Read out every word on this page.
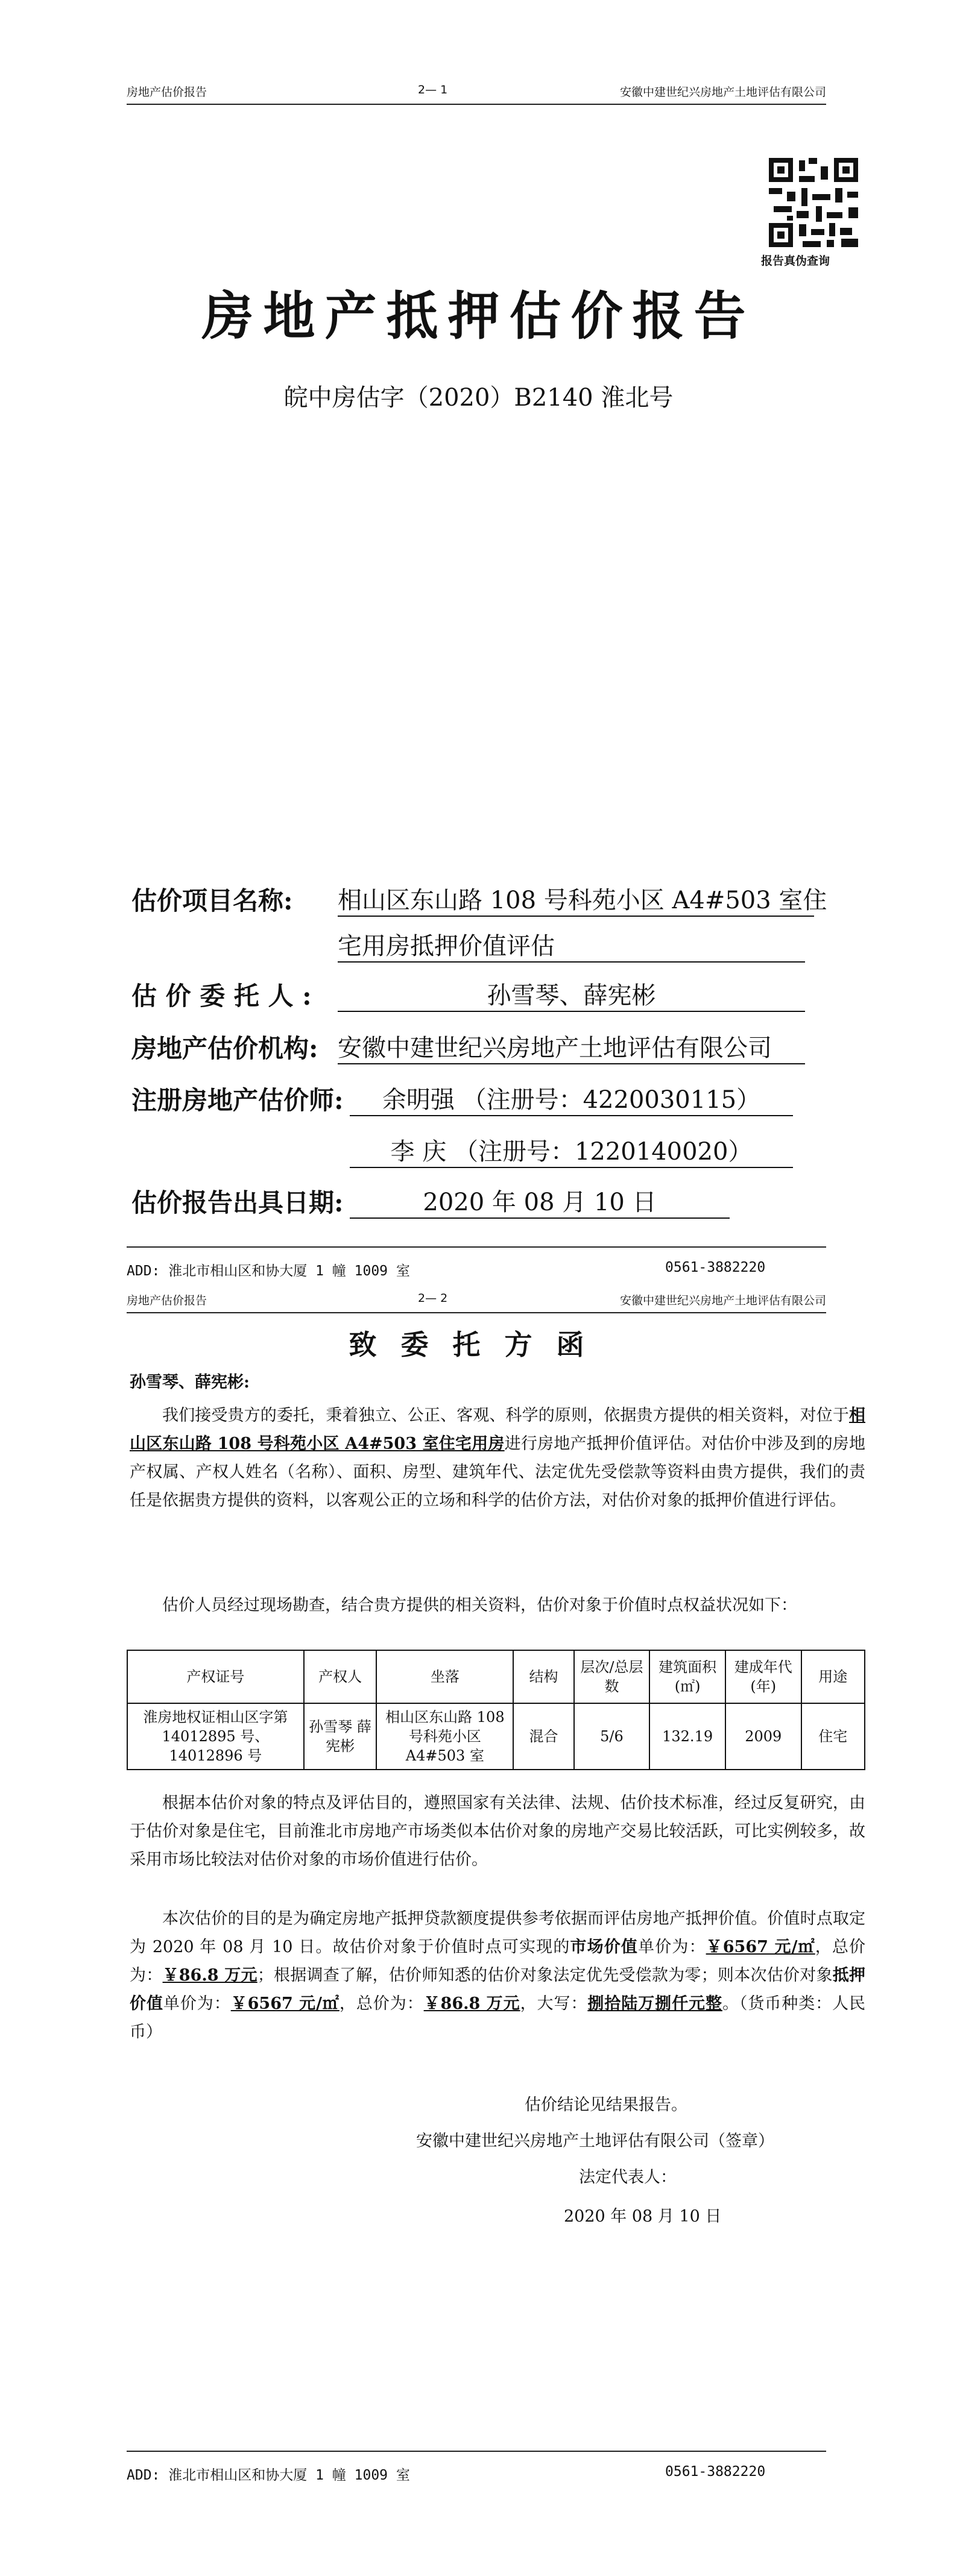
房地产估价报告	2— 1	安徽中建世纪兴房地产土地评估有限公司
报告真伪查询
房地产抵押估价报告
皖中房估字（2020）B2140 淮北号
估价项目名称: 相山区东山路 108 号科苑小区 A4#503 室住
宅用房抵押价值评估
估 价 委 托 人 :	孙雪琴、薛宪彬
房地产估价机构: 安徽中建世纪兴房地产土地评估有限公司
注册房地产估价师:	余明强 （注册号：4220030115）
李 庆 （注册号：1220140020）
估价报告出具日期:	2020 年 08 月 10 日
ADD: 淮北市相山区和协大厦 1 幢 1009 室	0561-3882220
房地产估价报告	2— 2	安徽中建世纪兴房地产土地评估有限公司
致委托方函
孙雪琴、薛宪彬:
我们接受贵方的委托，秉着独立、公正、客观、科学的原则，依据贵方提供的相关资料，对位于相山区东山路 108 号科苑小区 A4#503 室住宅用房进行房地产抵押价值评估。对估价中涉及到的房地产权属、产权人姓名（名称）、面积、房型、建筑年代、法定优先受偿款等资料由贵方提供，我们的责任是依据贵方提供的资料，以客观公正的立场和科学的估价方法，对估价对象的抵押价值进行评估。
估价人员经过现场勘查，结合贵方提供的相关资料，估价对象于价值时点权益状况如下：
产权证号	产权人	坐落	结构	层次/总层数	建筑面积(㎡)	建成年代(年)	用途
淮房地权证相山区字第 14012895 号、14012896 号	孙雪琴 薛宪彬	相山区东山路 108 号科苑小区 A4#503 室	混合	5/6	132.19	2009	住宅
根据本估价对象的特点及评估目的，遵照国家有关法律、法规、估价技术标准，经过反复研究，由于估价对象是住宅，目前淮北市房地产市场类似本估价对象的房地产交易比较活跃，可比实例较多，故采用市场比较法对估价对象的市场价值进行估价。
本次估价的目的是为确定房地产抵押贷款额度提供参考依据而评估房地产抵押价值。价值时点取定为 2020 年 08 月 10 日。故估价对象于价值时点可实现的市场价值单价为：￥6567 元/㎡，总价为：￥86.8 万元；根据调查了解，估价师知悉的估价对象法定优先受偿款为零；则本次估价对象抵押价值单价为：￥6567 元/㎡，总价为：￥86.8 万元，大写：捌拾陆万捌仟元整。（货币种类：人民币）
估价结论见结果报告。
安徽中建世纪兴房地产土地评估有限公司（签章）
法定代表人：
2020 年 08 月 10 日
ADD: 淮北市相山区和协大厦 1 幢 1009 室	0561-3882220
